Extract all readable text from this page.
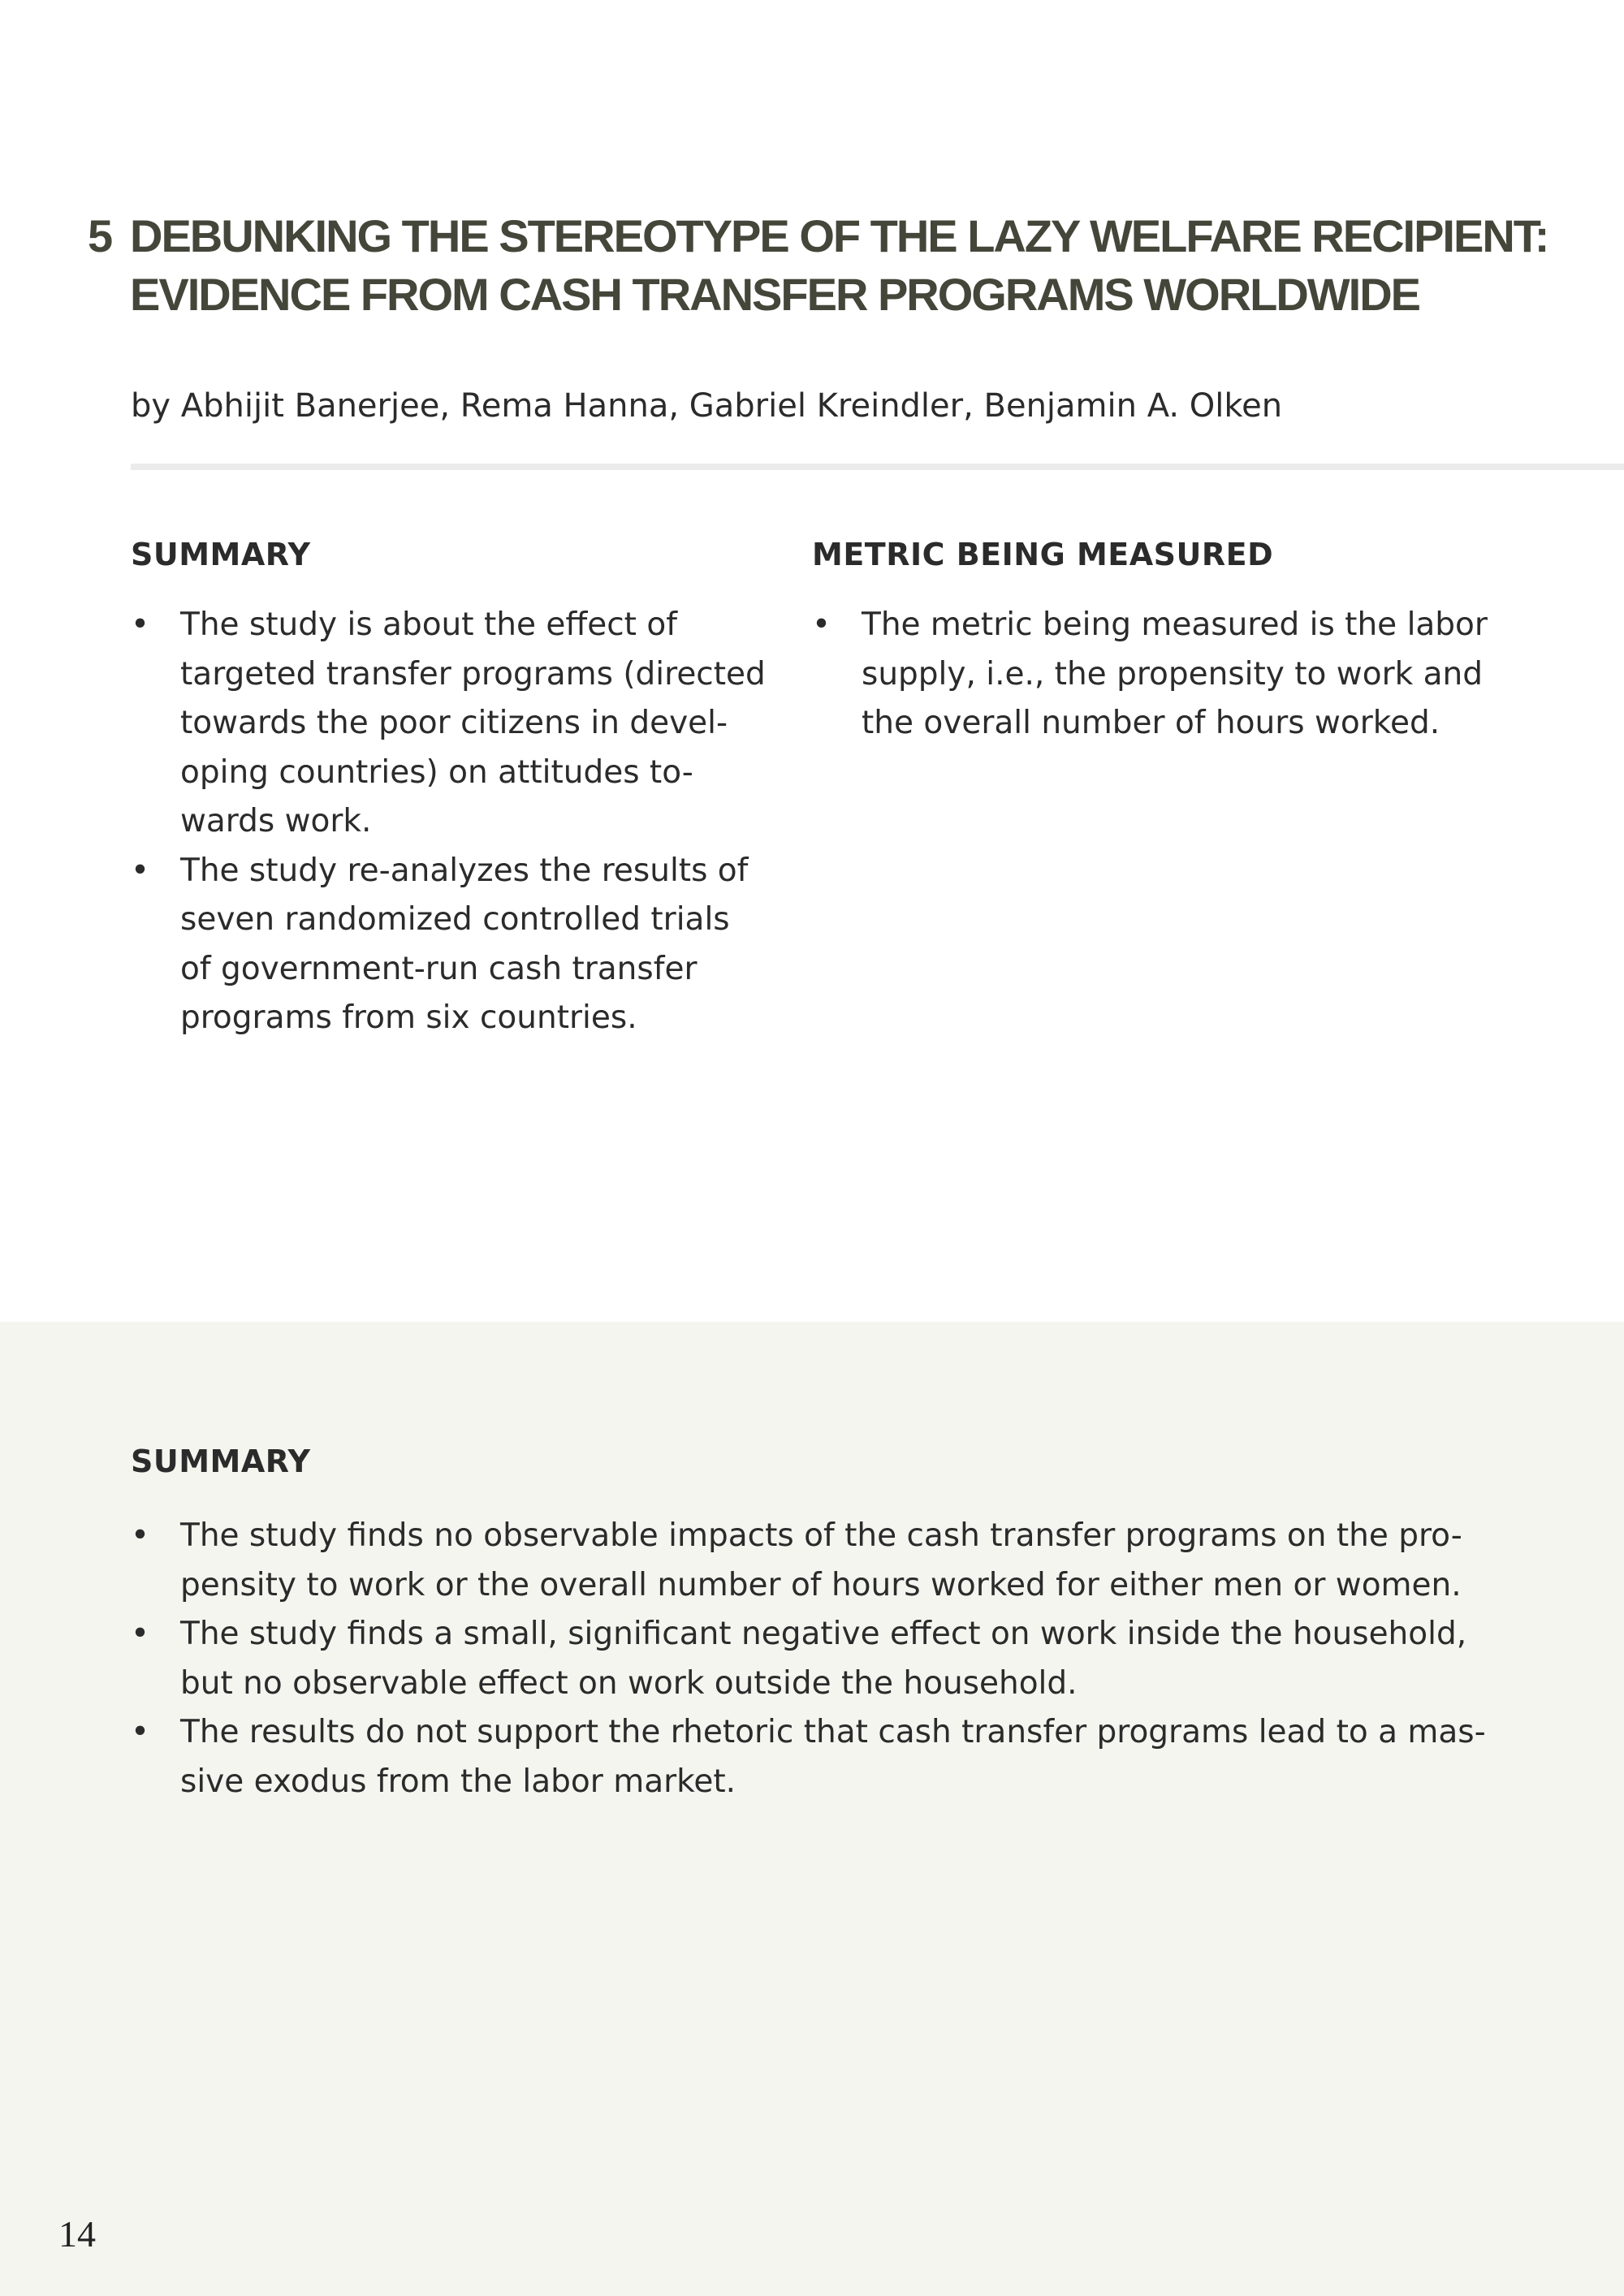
5 DEBUNKING THE STEREOTYPE OF THE LAZY WELFARE RECIPIENT:
EVIDENCE FROM CASH TRANSFER PROGRAMS WORLDWIDE
by Abhijit Banerjee, Rema Hanna, Gabriel Kreindler, Benjamin A. Olken
SUMMARY
• The study is about the effect of
targeted transfer programs (directed
towards the poor citizens in devel-
oping countries) on attitudes to-
wards work.
• The study re-analyzes the results of
seven randomized controlled trials
of government-run cash transfer
programs from six countries.
METRIC BEING MEASURED
• The metric being measured is the labor
supply, i.e., the propensity to work and
the overall number of hours worked.
SUMMARY
• The study finds no observable impacts of the cash transfer programs on the pro-
pensity to work or the overall number of hours worked for either men or women.
• The study finds a small, significant negative effect on work inside the household,
but no observable effect on work outside the household.
• The results do not support the rhetoric that cash transfer programs lead to a mas-
sive exodus from the labor market.
14
